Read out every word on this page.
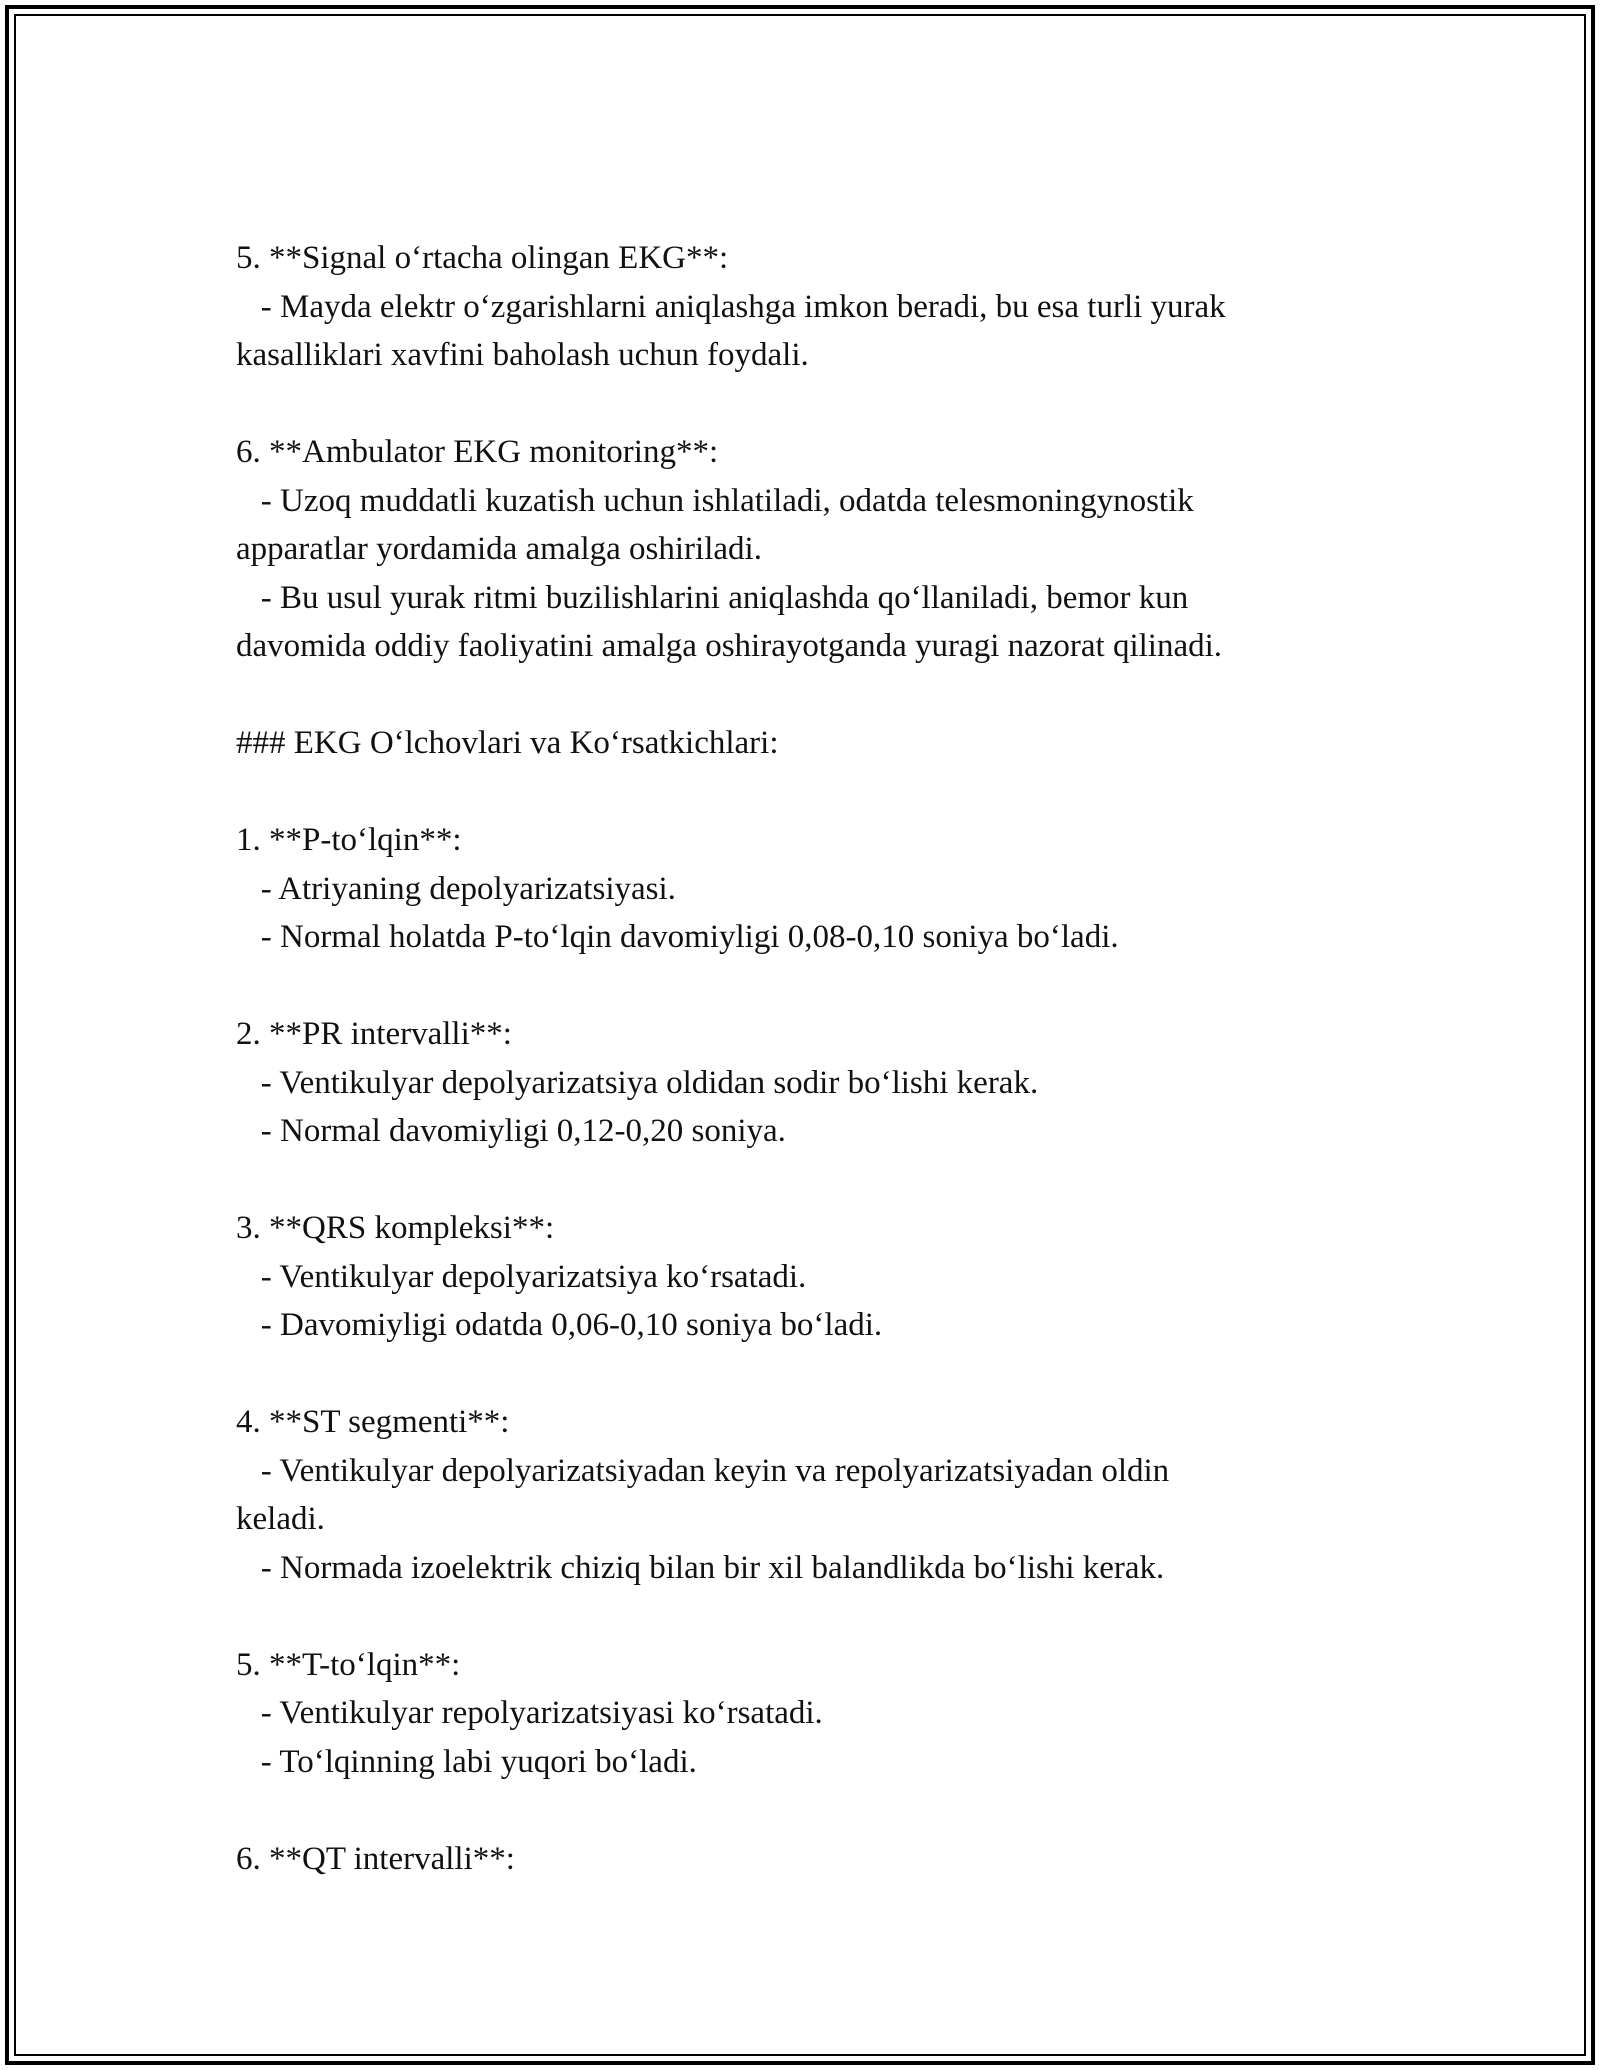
5. **Signal o‘rtacha olingan EKG**:
- Mayda elektr o‘zgarishlarni aniqlashga imkon beradi, bu esa turli yurak
kasalliklari xavfini baholash uchun foydali.
6. **Ambulator EKG monitoring**:
- Uzoq muddatli kuzatish uchun ishlatiladi, odatda telesmoningynostik
apparatlar yordamida amalga oshiriladi.
- Bu usul yurak ritmi buzilishlarini aniqlashda qo‘llaniladi, bemor kun
davomida oddiy faoliyatini amalga oshirayotganda yuragi nazorat qilinadi.
### EKG O‘lchovlari va Ko‘rsatkichlari:
1. **P-to‘lqin**:
- Atriyaning depolyarizatsiyasi.
- Normal holatda P-to‘lqin davomiyligi 0,08-0,10 soniya bo‘ladi.
2. **PR intervalli**:
- Ventikulyar depolyarizatsiya oldidan sodir bo‘lishi kerak.
- Normal davomiyligi 0,12-0,20 soniya.
3. **QRS kompleksi**:
- Ventikulyar depolyarizatsiya ko‘rsatadi.
- Davomiyligi odatda 0,06-0,10 soniya bo‘ladi.
4. **ST segmenti**:
- Ventikulyar depolyarizatsiyadan keyin va repolyarizatsiyadan oldin
keladi.
- Normada izoelektrik chiziq bilan bir xil balandlikda bo‘lishi kerak.
5. **T-to‘lqin**:
- Ventikulyar repolyarizatsiyasi ko‘rsatadi.
- To‘lqinning labi yuqori bo‘ladi.
6. **QT intervalli**:
